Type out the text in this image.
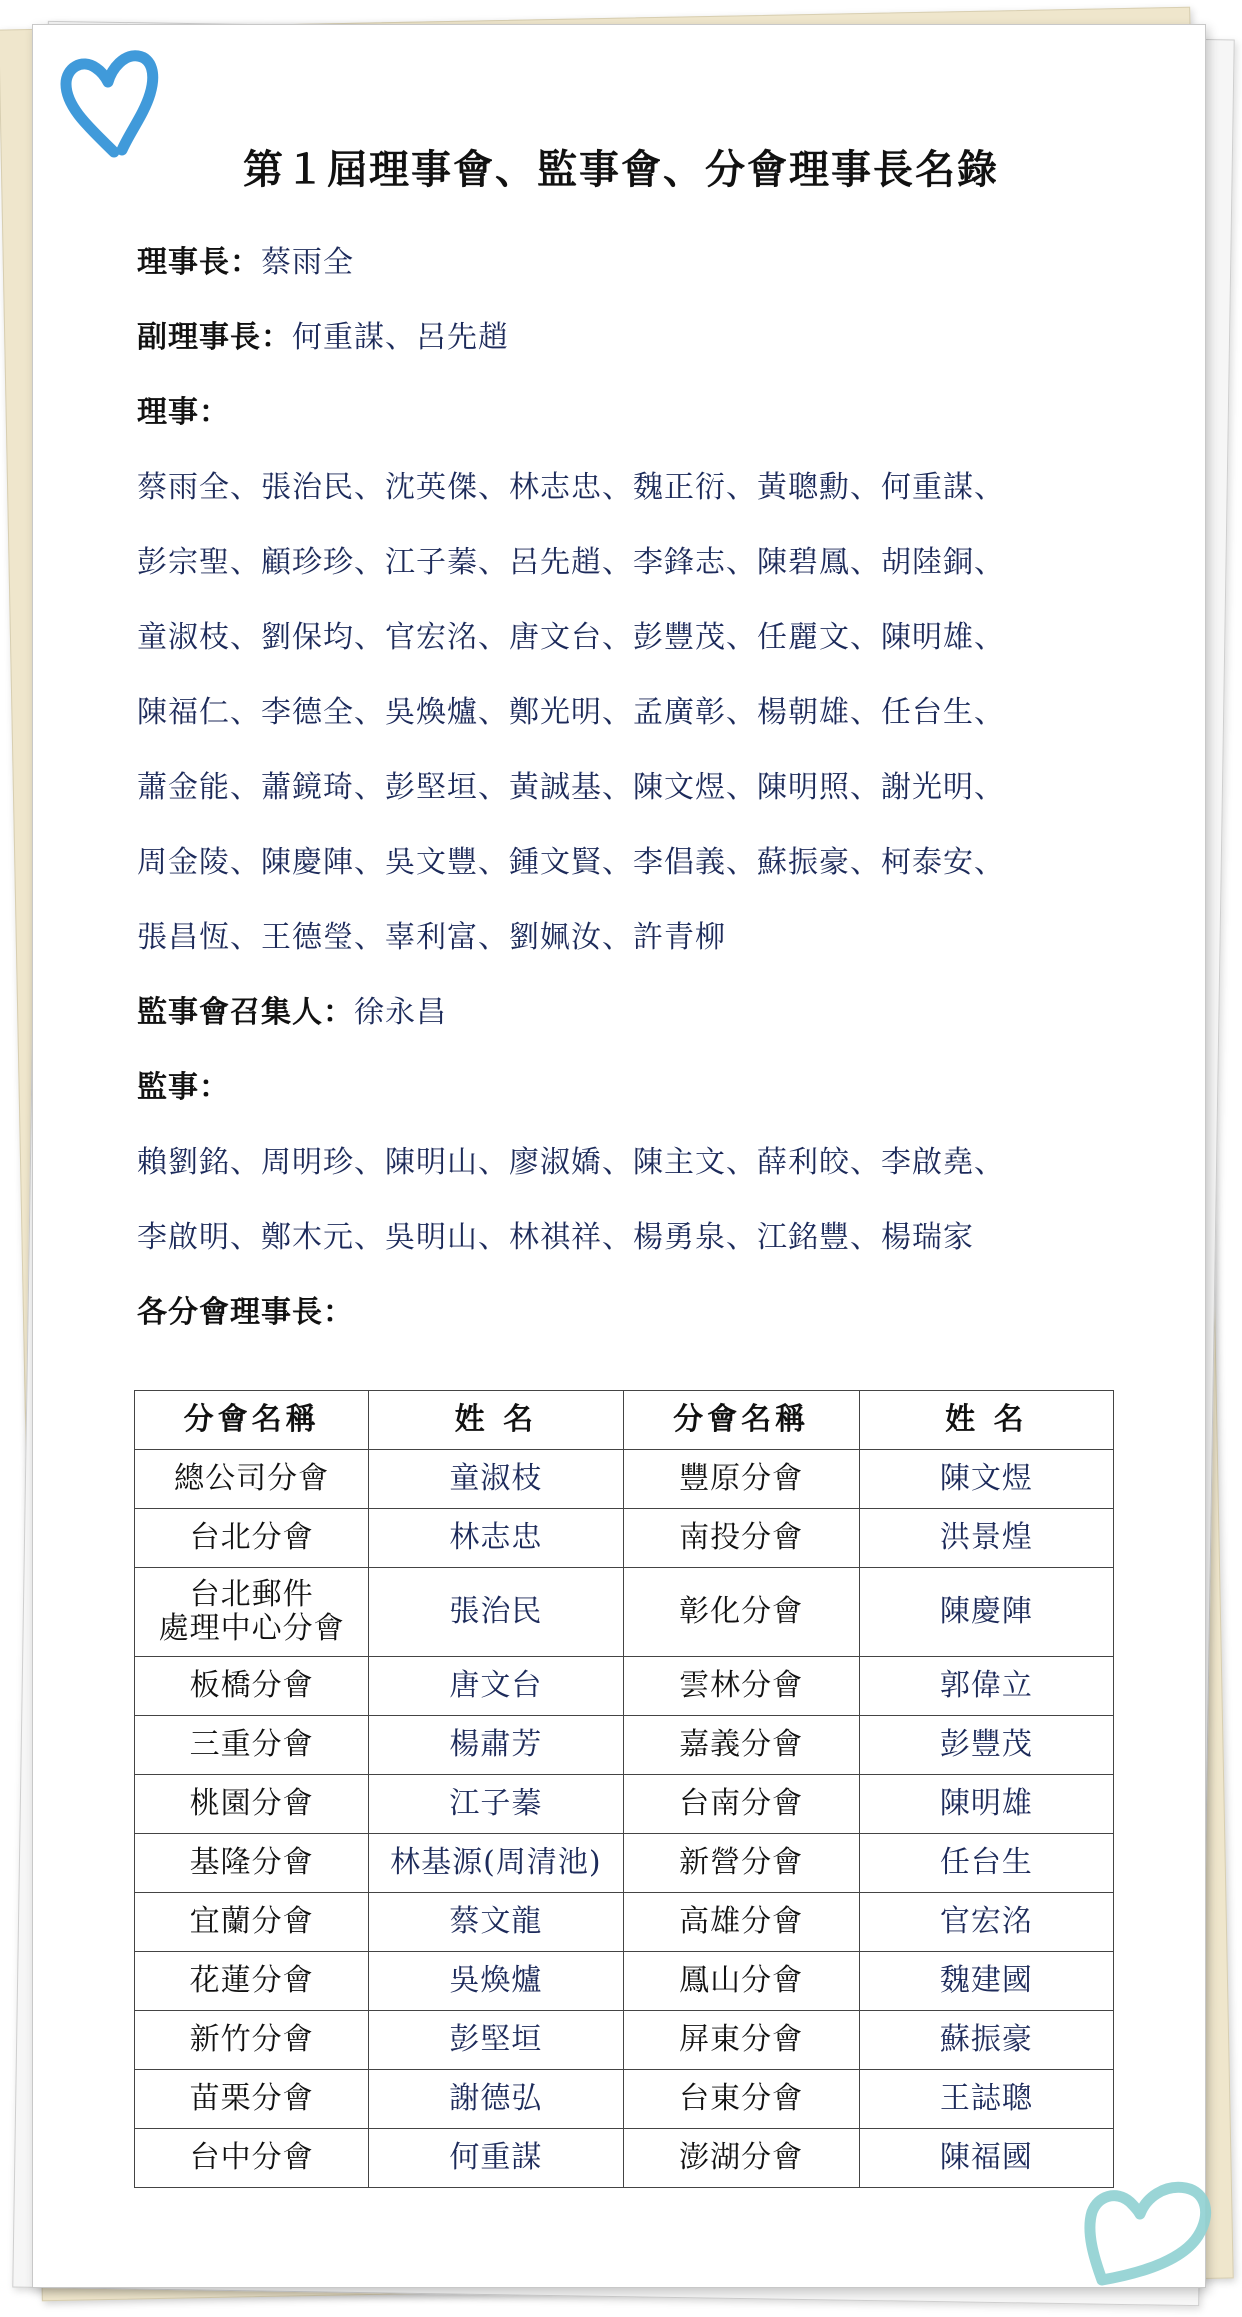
第１屆理事會、監事會、分會理事長名錄
理事長：蔡雨全
副理事長：何重謀、呂先趙
理事：
蔡雨全、張治民、沈英傑、林志忠、魏正衍、黃聰勳、何重謀、
彭宗聖、顧珍珍、江子蓁、呂先趙、李鋒志、陳碧鳳、胡陸銅、
童淑枝、劉保均、官宏洺、唐文台、彭豐茂、任麗文、陳明雄、
陳福仁、李德全、吳煥爐、鄭光明、孟廣彰、楊朝雄、任台生、
蕭金能、蕭鏡琦、彭堅垣、黃誠基、陳文煜、陳明照、謝光明、
周金陵、陳慶陣、吳文豐、鍾文賢、李倡義、蘇振豪、柯泰安、
張昌恆、王德瑩、辜利富、劉姵汝、許青柳
監事會召集人：徐永昌
監事：
賴劉銘、周明珍、陳明山、廖淑嬌、陳主文、薛利皎、李啟堯、
李啟明、鄭木元、吳明山、林祺祥、楊勇泉、江銘豐、楊瑞家
各分會理事長：
分會名稱	姓 名	分會名稱	姓 名
總公司分會	童淑枝	豐原分會	陳文煜
台北分會	林志忠	南投分會	洪景煌
台北郵件
處理中心分會	張治民	彰化分會	陳慶陣
板橋分會	唐文台	雲林分會	郭偉立
三重分會	楊肅芳	嘉義分會	彭豐茂
桃園分會	江子蓁	台南分會	陳明雄
基隆分會	林基源(周清池)	新營分會	任台生
宜蘭分會	蔡文龍	高雄分會	官宏洺
花蓮分會	吳煥爐	鳳山分會	魏建國
新竹分會	彭堅垣	屏東分會	蘇振豪
苗栗分會	謝德弘	台東分會	王誌聰
台中分會	何重謀	澎湖分會	陳福國
